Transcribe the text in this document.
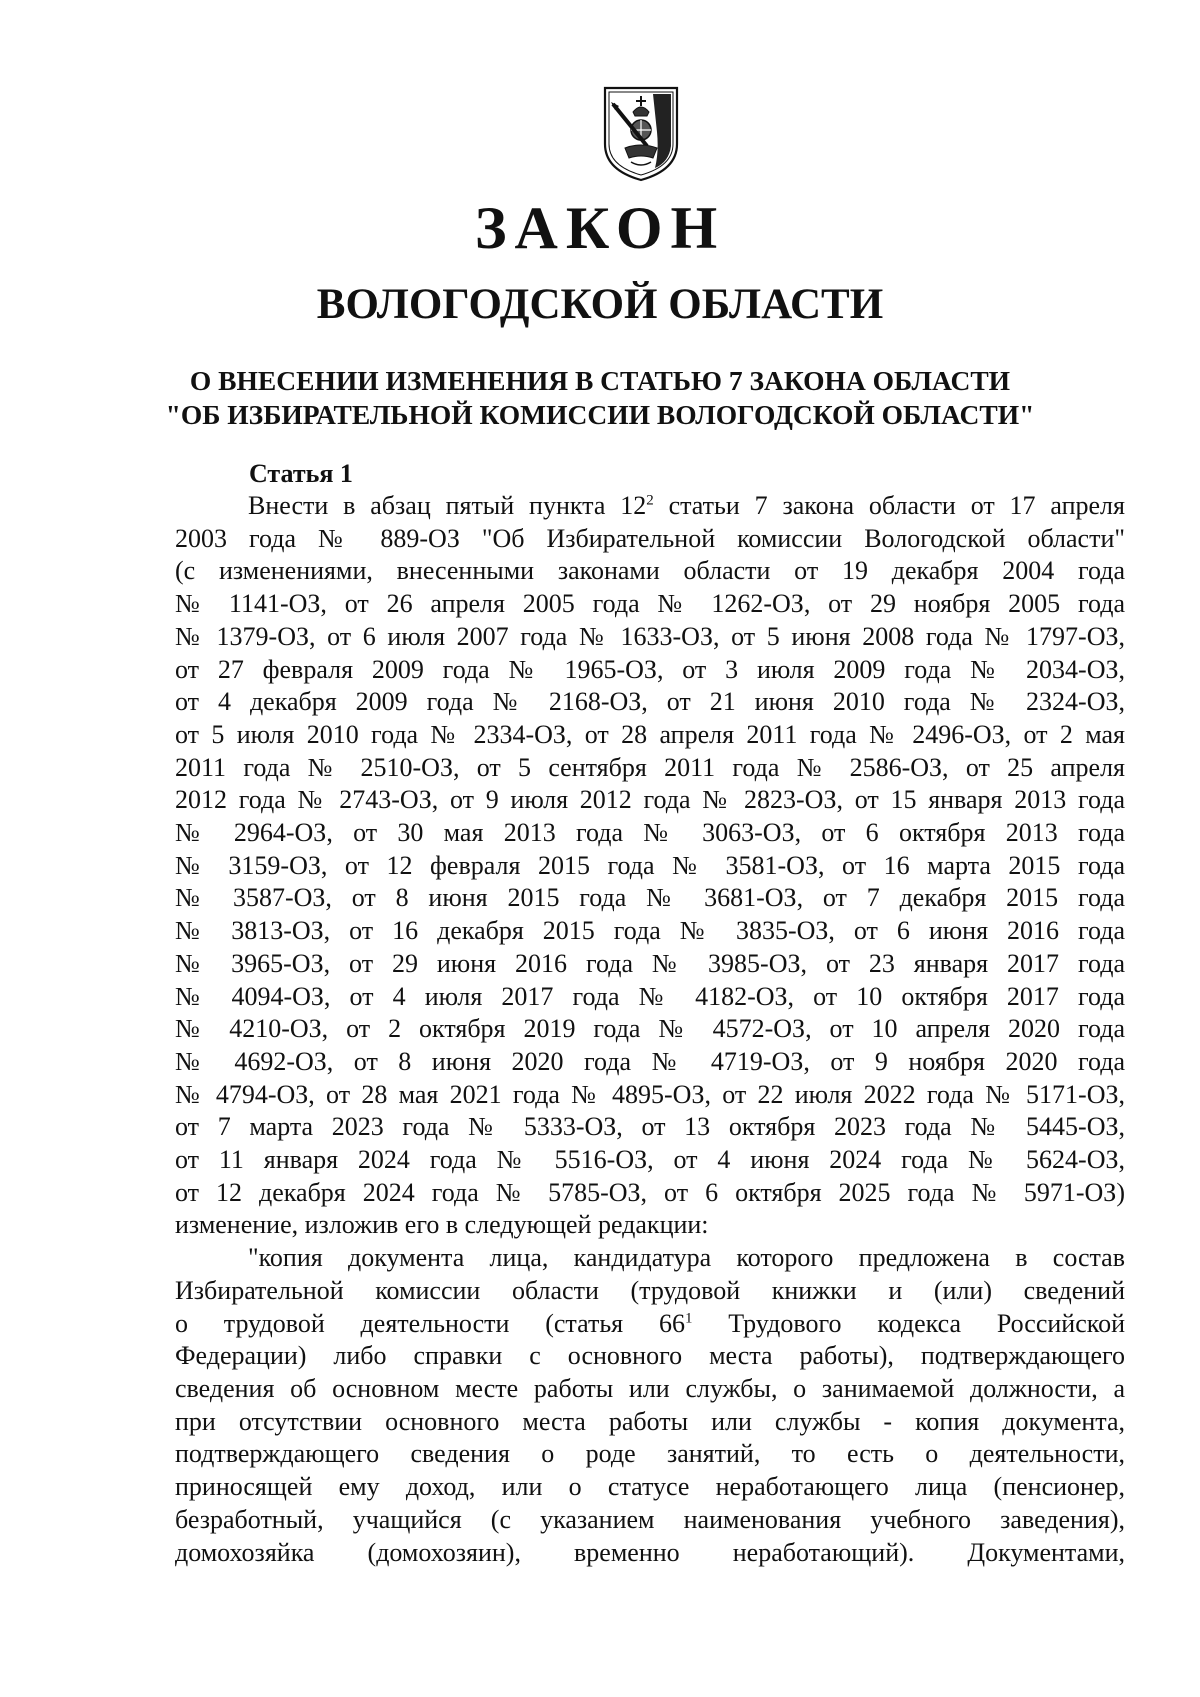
ЗАКОН
ВОЛОГОДСКОЙ ОБЛАСТИ
О ВНЕСЕНИИ ИЗМЕНЕНИЯ В СТАТЬЮ 7 ЗАКОНА ОБЛАСТИ
"ОБ ИЗБИРАТЕЛЬНОЙ КОМИССИИ ВОЛОГОДСКОЙ ОБЛАСТИ"
Статья 1
Внести в абзац пятый пункта $12^2$ статьи 7 закона области от 17 апреля
2003 года № 889-ОЗ "Об Избирательной комиссии Вологодской области"
(с изменениями, внесенными законами области от 19 декабря 2004 года
№ 1141-ОЗ, от 26 апреля 2005 года № 1262-ОЗ, от 29 ноября 2005 года
№ 1379-ОЗ, от 6 июля 2007 года № 1633-ОЗ, от 5 июня 2008 года № 1797-ОЗ,
от 27 февраля 2009 года № 1965-ОЗ, от 3 июля 2009 года № 2034-ОЗ,
от 4 декабря 2009 года № 2168-ОЗ, от 21 июня 2010 года № 2324-ОЗ,
от 5 июля 2010 года № 2334-ОЗ, от 28 апреля 2011 года № 2496-ОЗ, от 2 мая
2011 года № 2510-ОЗ, от 5 сентября 2011 года № 2586-ОЗ, от 25 апреля
2012 года № 2743-ОЗ, от 9 июля 2012 года № 2823-ОЗ, от 15 января 2013 года
№ 2964-ОЗ, от 30 мая 2013 года № 3063-ОЗ, от 6 октября 2013 года
№ 3159-ОЗ, от 12 февраля 2015 года № 3581-ОЗ, от 16 марта 2015 года
№ 3587-ОЗ, от 8 июня 2015 года № 3681-ОЗ, от 7 декабря 2015 года
№ 3813-ОЗ, от 16 декабря 2015 года № 3835-ОЗ, от 6 июня 2016 года
№ 3965-ОЗ, от 29 июня 2016 года № 3985-ОЗ, от 23 января 2017 года
№ 4094-ОЗ, от 4 июля 2017 года № 4182-ОЗ, от 10 октября 2017 года
№ 4210-ОЗ, от 2 октября 2019 года № 4572-ОЗ, от 10 апреля 2020 года
№ 4692-ОЗ, от 8 июня 2020 года № 4719-ОЗ, от 9 ноября 2020 года
№ 4794-ОЗ, от 28 мая 2021 года № 4895-ОЗ, от 22 июля 2022 года № 5171-ОЗ,
от 7 марта 2023 года № 5333-ОЗ, от 13 октября 2023 года № 5445-ОЗ,
от 11 января 2024 года № 5516-ОЗ, от 4 июня 2024 года № 5624-ОЗ,
от 12 декабря 2024 года № 5785-ОЗ, от 6 октября 2025 года № 5971-ОЗ)
изменение, изложив его в следующей редакции:
"копия документа лица, кандидатура которого предложена в состав
Избирательной комиссии области (трудовой книжки и (или) сведений
о трудовой деятельности (статья $66^1$ Трудового кодекса Российской
Федерации) либо справки с основного места работы), подтверждающего
сведения об основном месте работы или службы, о занимаемой должности, а
при отсутствии основного места работы или службы - копия документа,
подтверждающего сведения о роде занятий, то есть о деятельности,
приносящей ему доход, или о статусе неработающего лица (пенсионер,
безработный, учащийся (с указанием наименования учебного заведения),
домохозяйка (домохозяин), временно неработающий). Документами,
